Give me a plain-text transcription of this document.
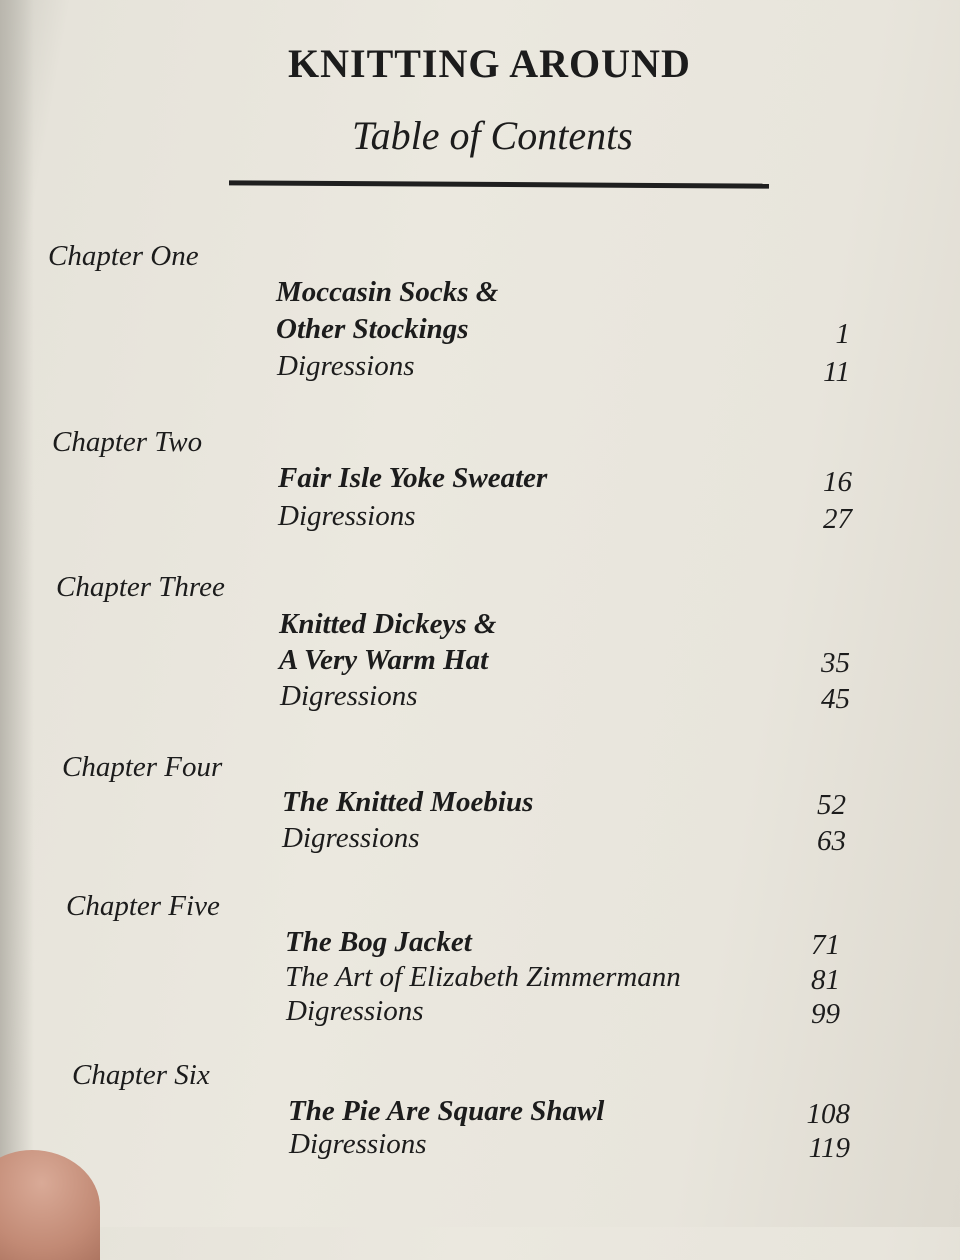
KNITTING AROUND
Table of Contents
Chapter One
Moccasin Socks &
Other Stockings	1
Digressions	11
Chapter Two
Fair Isle Yoke Sweater	16
Digressions	27
Chapter Three
Knitted Dickeys &
A Very Warm Hat	35
Digressions	45
Chapter Four
The Knitted Moebius	52
Digressions	63
Chapter Five
The Bog Jacket	71
The Art of Elizabeth Zimmermann	81
Digressions	99
Chapter Six
The Pie Are Square Shawl	108
Digressions	119
